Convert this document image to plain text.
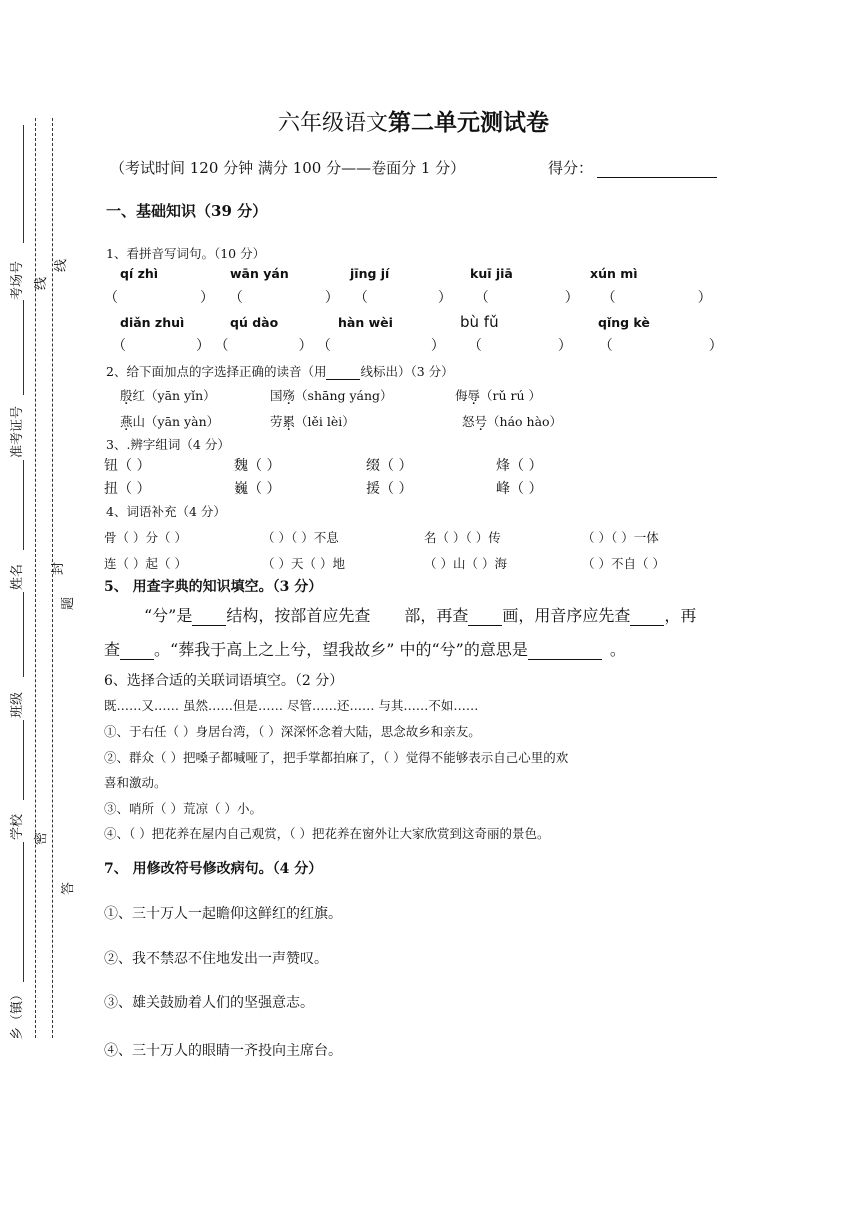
考场号
准考证号
姓名
班级
学校
乡（镇）
线
线
封
题
密
答
六年级语文第二单元测试卷
（考试时间 120 分钟 满分 100 分——卷面分 1 分）	得分：
一、基础知识（39 分）
1、看拼音写词句。（10 分）
qí zhì	wān yán	jīng jí	kuī jiā	xún mì
（	） （	） （	） （	） （	）
diǎn zhuì	qú dào	hàn wèi	bù fǔ	qǐng kè
（	） （	） （	） （	） （	）
2、给下面加点的字选择正确的读音（用	线标出）（3 分）
殷红（yān yǐn）	国殇（shāng yáng）	侮辱（rǔ rú ）
燕山（yān yàn）	劳累（lěi lèi）	怒号（háo hào）
3、.辨字组词（4 分）
钮（ ）	魏（ ）	缀（ ）	烽（ ）
扭（ ）	巍（ ）	援（ ）	峰（ ）
4、词语补充（4 分）
骨（ ）分（ ）	（ ）（ ）不息	名（ ）（ ）传	（ ）（ ）一体
连（ ）起（ ）	（ ）天（ ）地	（ ）山（ ）海	（ ）不自（ ）
5、 用查字典的知识填空。（3 分）
“兮”是 结构，按部首应先查 部，再查 画，用音序应先查 ，再
查 。“葬我于高上之上兮，望我故乡” 中的“兮”的意思是	。
6、选择合适的关联词语填空。（2 分）
既……又…… 虽然……但是…… 尽管……还…… 与其……不如……
①、于右任（ ）身居台湾，（ ）深深怀念着大陆，思念故乡和亲友。
②、群众（ ）把嗓子都喊哑了，把手掌都拍麻了，（ ）觉得不能够表示自己心里的欢
喜和激动。
③、哨所（ ）荒凉（ ）小。
④、（ ）把花养在屋内自己观赏，（ ）把花养在窗外让大家欣赏到这奇丽的景色。
7、 用修改符号修改病句。（4 分）
①、三十万人一起瞻仰这鲜红的红旗。
②、我不禁忍不住地发出一声赞叹。
③、雄关鼓励着人们的坚强意志。
④、三十万人的眼睛一齐投向主席台。
